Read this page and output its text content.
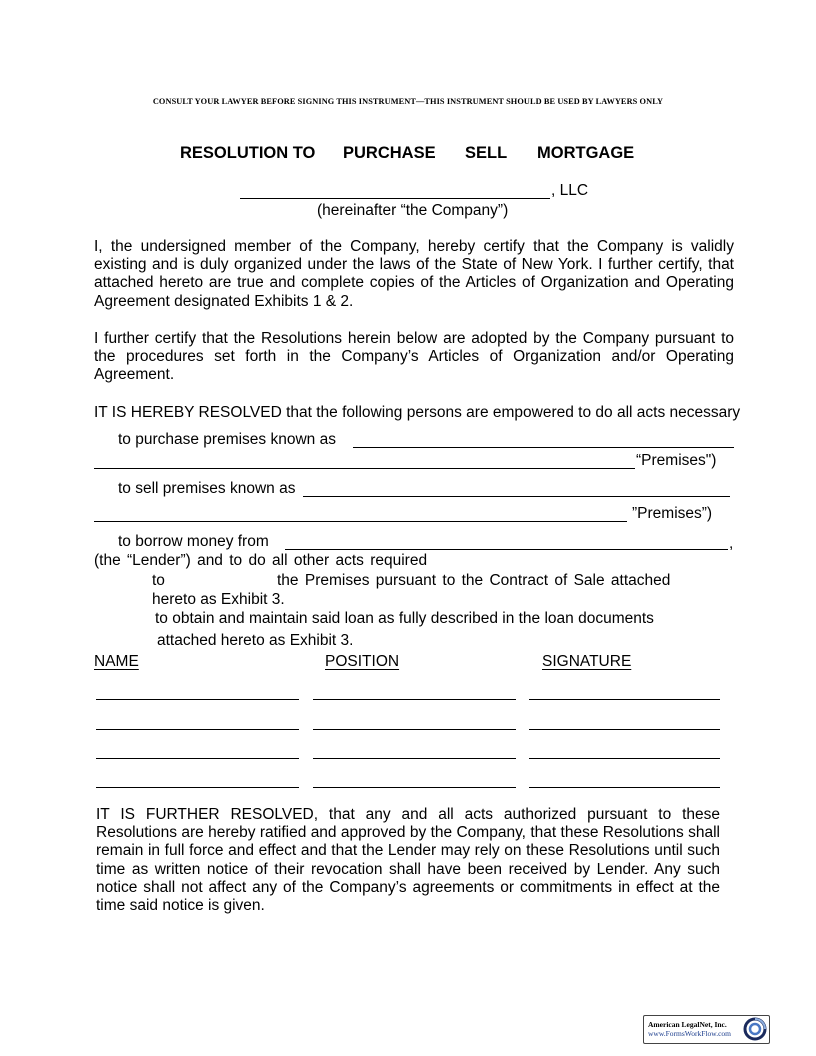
CONSULT YOUR LAWYER BEFORE SIGNING THIS INSTRUMENT—THIS INSTRUMENT SHOULD BE USED BY LAWYERS ONLY
RESOLUTION TO PURCHASE SELL MORTGAGE
, LLC
(hereinafter “the Company”)
I, the undersigned member of the Company, hereby certify that the Company is validly existing and is duly organized under the laws of the State of New York. I further certify, that attached hereto are true and complete copies of the Articles of Organization and Operating Agreement designated Exhibits 1 & 2.
I further certify that the Resolutions herein below are adopted by the Company pursuant to the procedures set forth in the Company’s Articles of Organization and/or Operating Agreement.
IT IS HEREBY RESOLVED that the following persons are empowered to do all acts necessary
to purchase premises known as
“Premises")
to sell premises known as
”Premises”)
to borrow money from	,
(the “Lender”) and to do all other acts required
to	the Premises pursuant to the Contract of Sale attached
hereto as Exhibit 3.
to obtain and maintain said loan as fully described in the loan documents
attached hereto as Exhibit 3.
NAME	POSITION	SIGNATURE
IT IS FURTHER RESOLVED, that any and all acts authorized pursuant to these Resolutions are hereby ratified and approved by the Company, that these Resolutions shall remain in full force and effect and that the Lender may rely on these Resolutions until such time as written notice of their revocation shall have been received by Lender. Any such notice shall not affect any of the Company’s agreements or commitments in effect at the time said notice is given.
American LegalNet, Inc.
www.FormsWorkFlow.com
